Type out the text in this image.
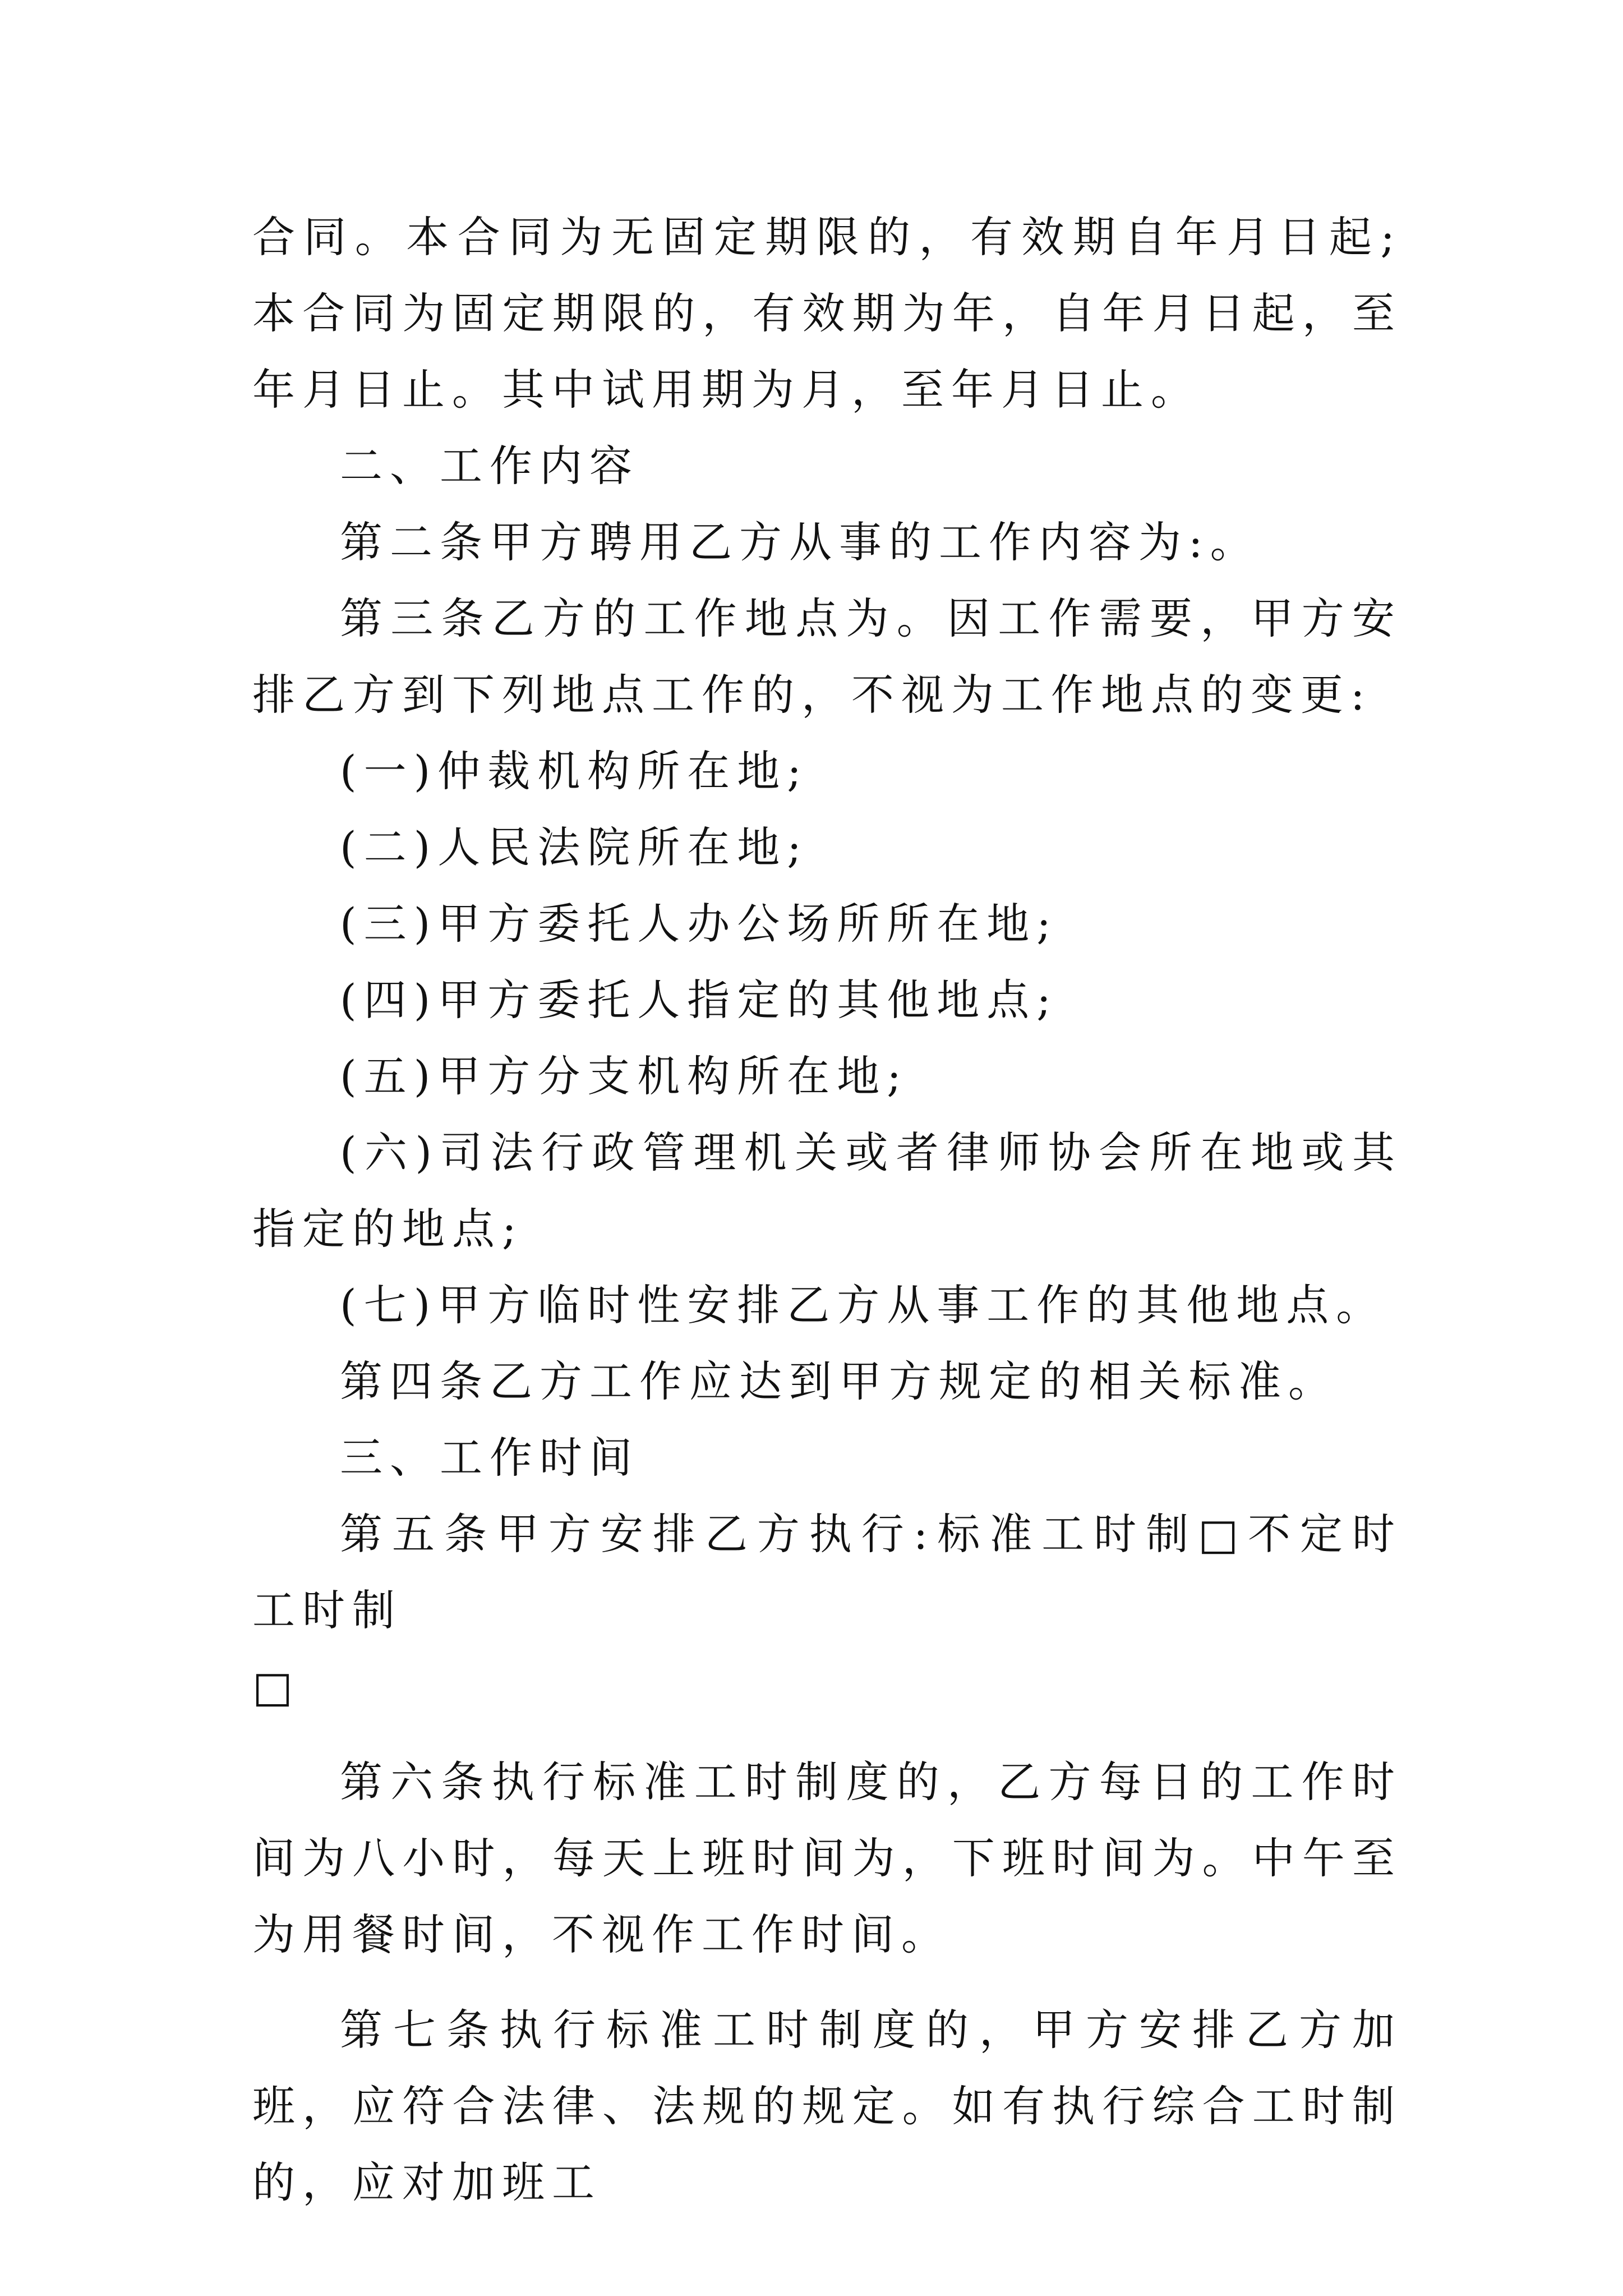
合同。本合同为无固定期限的，有效期自年月日起;本合同为固定期限的，有效期为年，自年月日起，至年月日止。其中试用期为月，至年月日止。

二、工作内容

第二条甲方聘用乙方从事的工作内容为:。

第三条乙方的工作地点为。因工作需要，甲方安排乙方到下列地点工作的，不视为工作地点的变更:

(一)仲裁机构所在地;

(二)人民法院所在地;

(三)甲方委托人办公场所所在地;

(四)甲方委托人指定的其他地点;

(五)甲方分支机构所在地;

(六)司法行政管理机关或者律师协会所在地或其指定的地点;

(七)甲方临时性安排乙方从事工作的其他地点。

第四条乙方工作应达到甲方规定的相关标准。

三、工作时间

第五条甲方安排乙方执行:标准工时制□不定时工时制

□

第六条执行标准工时制度的，乙方每日的工作时间为八小时，每天上班时间为，下班时间为。中午至为用餐时间，不视作工作时间。

第七条执行标准工时制度的，甲方安排乙方加班，应符合法律、法规的规定。如有执行综合工时制的，应对加班工
